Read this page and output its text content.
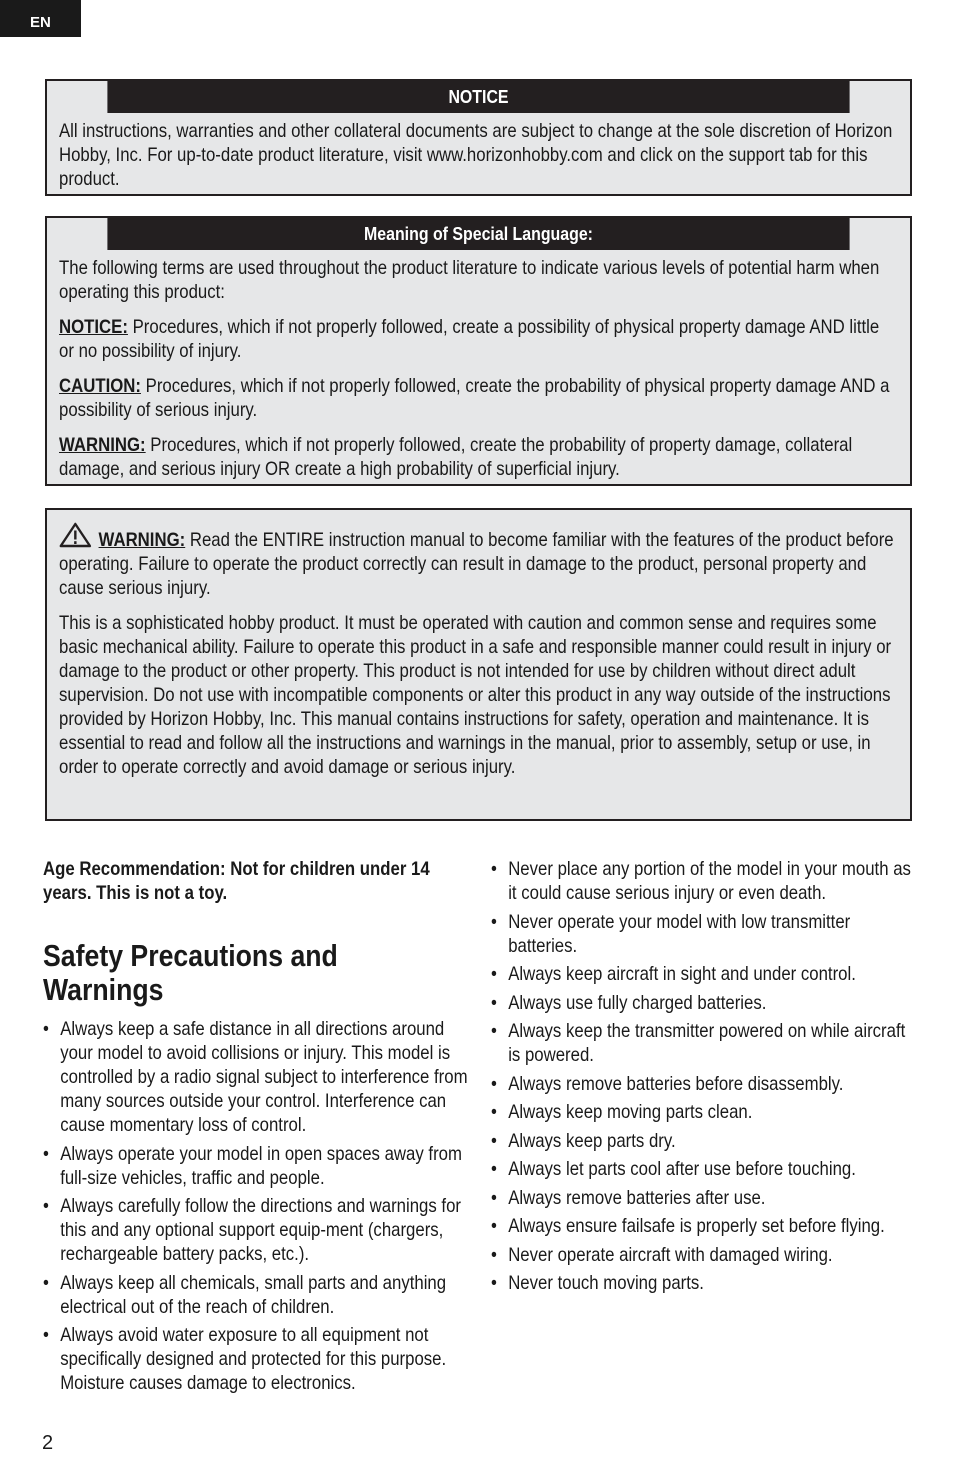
EN
NOTICE

All instructions, warranties and other collateral documents are subject to change at the sole discretion of Horizon Hobby, Inc. For up-to-date product literature, visit www.horizonhobby.com and click on the support tab for this product.

Meaning of Special Language:

The following terms are used throughout the product literature to indicate various levels of potential harm when operating this product:

NOTICE: Procedures, which if not properly followed, create a possibility of physical property damage AND little or no possibility of injury.

CAUTION: Procedures, which if not properly followed, create the probability of physical property damage AND a possibility of serious injury.

WARNING: Procedures, which if not properly followed, create the probability of property damage, collateral damage, and serious injury OR create a high probability of superficial injury.

WARNING: Read the ENTIRE instruction manual to become familiar with the features of the product before operating. Failure to operate the product correctly can result in damage to the product, personal property and cause serious injury.

This is a sophisticated hobby product. It must be operated with caution and common sense and requires some basic mechanical ability. Failure to operate this product in a safe and responsible manner could result in injury or damage to the product or other property. This product is not intended for use by children without direct adult supervision. Do not use with incompatible components or alter this product in any way outside of the instructions provided by Horizon Hobby, Inc. This manual contains instructions for safety, operation and maintenance. It is essential to read and follow all the instructions and warnings in the manual, prior to assembly, setup or use, in order to operate correctly and avoid damage or serious injury.

Age Recommendation: Not for children under 14 years. This is not a toy.
Safety Precautions and Warnings
• Always keep a safe distance in all directions around your model to avoid collisions or injury. This model is controlled by a radio signal subject to interference from many sources outside your control. Interference can cause momentary loss of control.
• Always operate your model in open spaces away from full-size vehicles, traffic and people.
• Always carefully follow the directions and warnings for this and any optional support equip-ment (chargers, rechargeable battery packs, etc.).
• Always keep all chemicals, small parts and anything electrical out of the reach of children.
• Always avoid water exposure to all equipment not specifically designed and protected for this purpose. Moisture causes damage to electronics.
• Never place any portion of the model in your mouth as it could cause serious injury or even death.
• Never operate your model with low transmitter batteries.
• Always keep aircraft in sight and under control.
• Always use fully charged batteries.
• Always keep the transmitter powered on while aircraft is powered.
• Always remove batteries before disassembly.
• Always keep moving parts clean.
• Always keep parts dry.
• Always let parts cool after use before touching.
• Always remove batteries after use.
• Always ensure failsafe is properly set before flying.
• Never operate aircraft with damaged wiring.
• Never touch moving parts.
2
